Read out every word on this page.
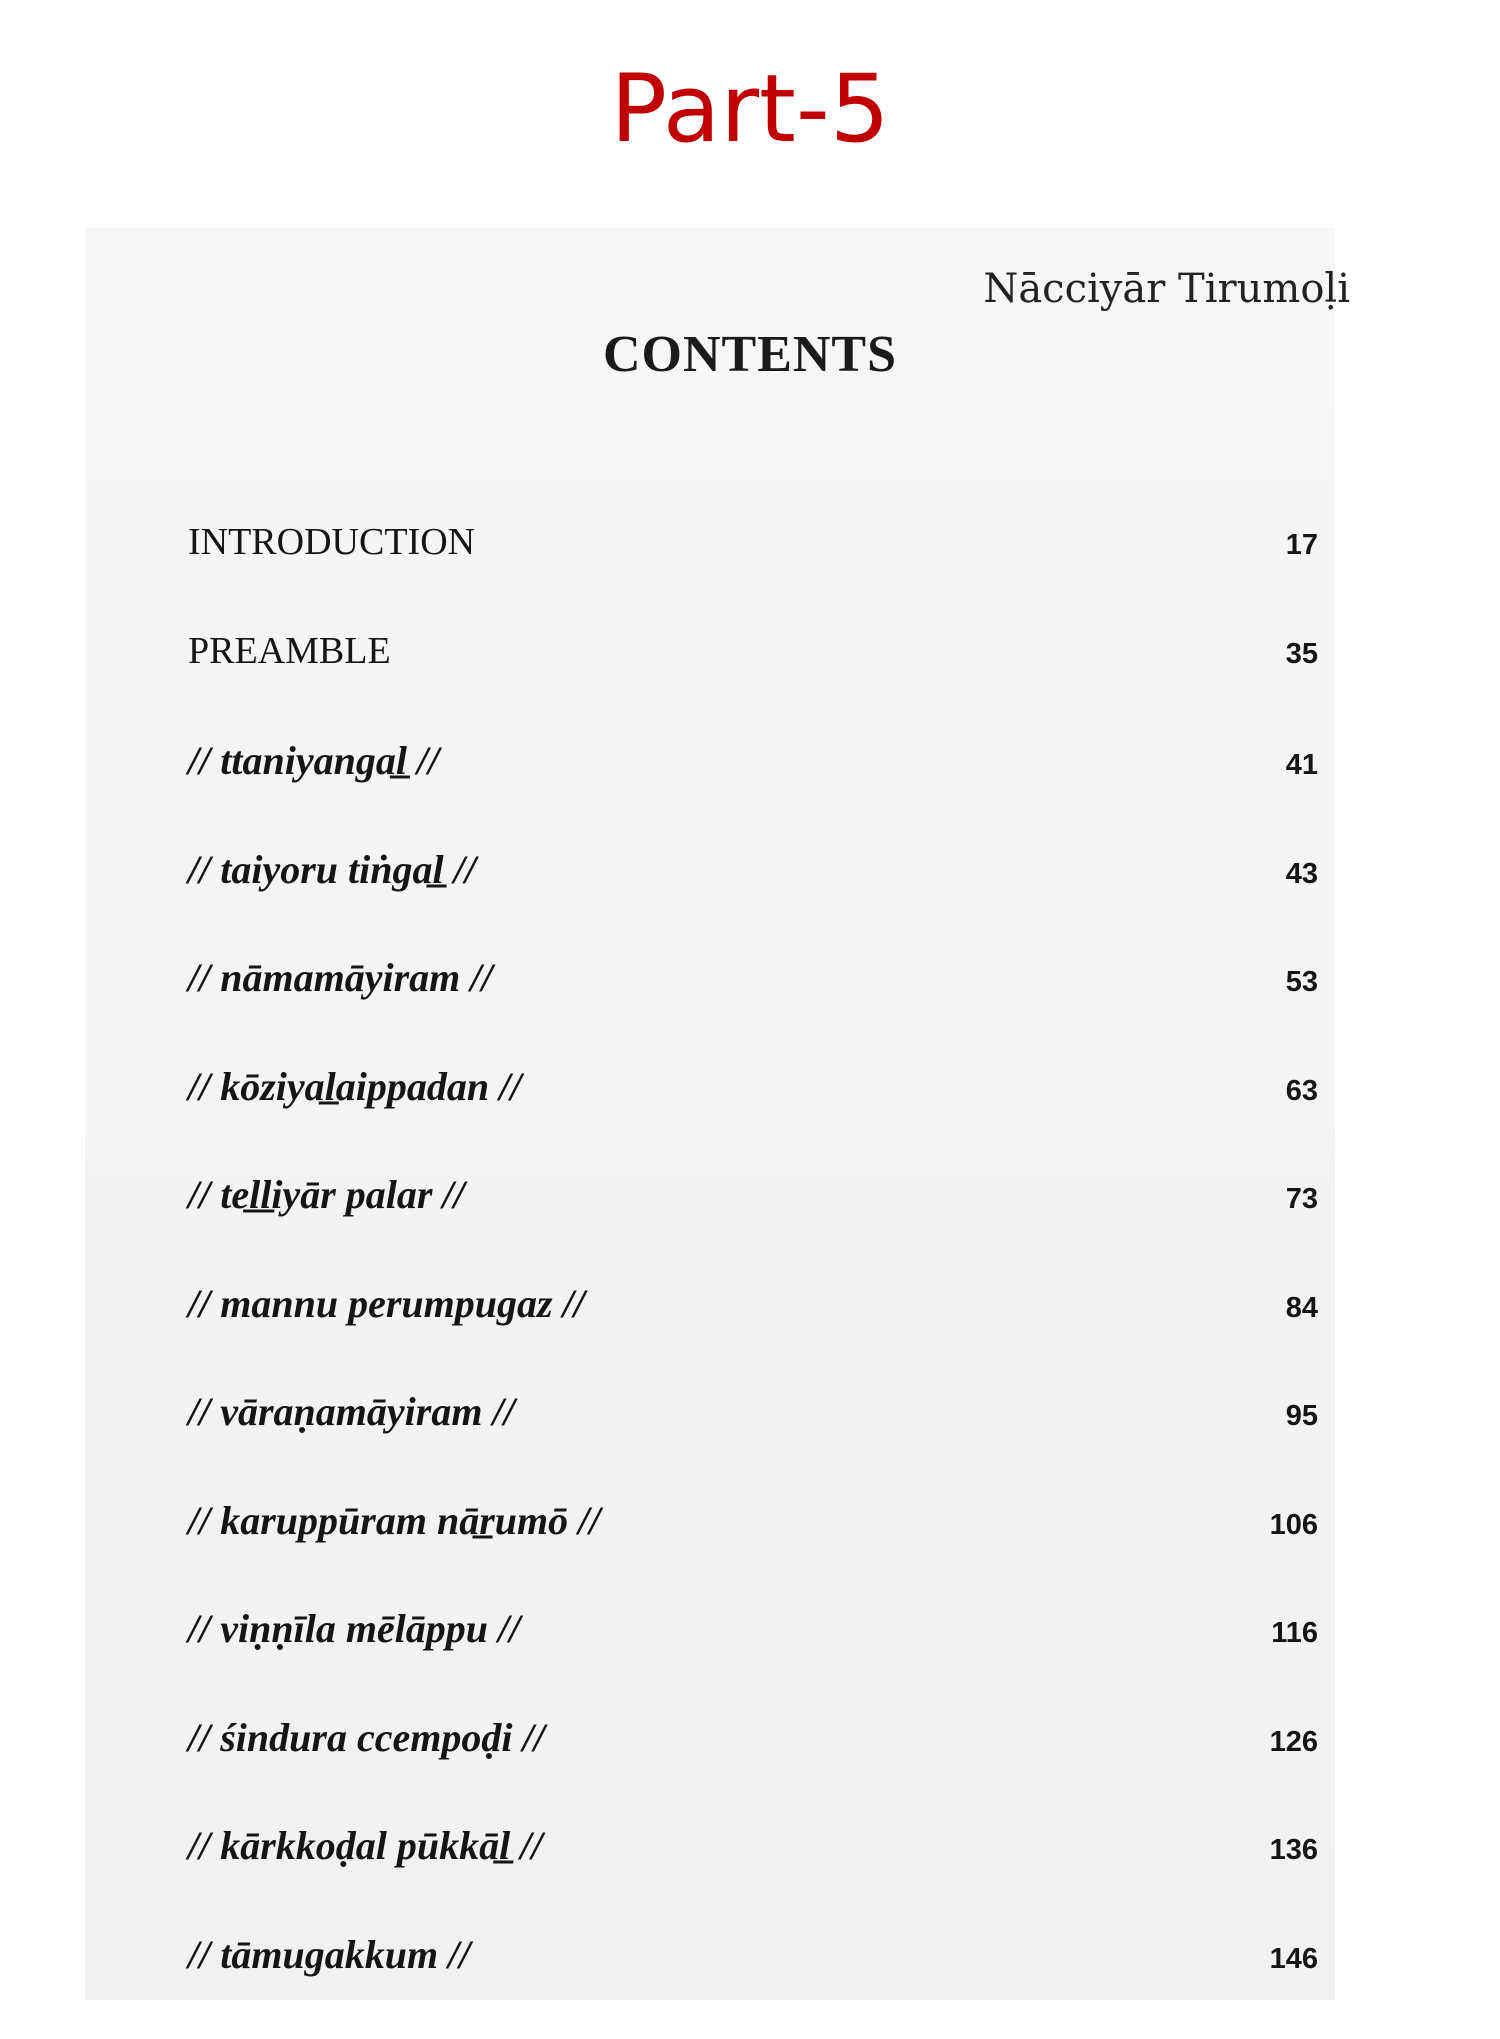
Part-5
Nācciyār Tirumoḷi
CONTENTS
INTRODUCTION	17
PREAMBLE	35
// ttaniyangal̲ //	41
// taiyoru tiṅgal̲ //	43
// nāmamāyiram //	53
// kōziyal̲aippadan //	63
// tel̲l̲iyār palar //	73
// mannu perumpugaz //	84
// vāraṇamāyiram //	95
// karuppūram nār̲umō //	106
// viṇṇīla mēlāppu //	116
// śindura ccempoḍi //	126
// kārkkoḍal pūkkāl̲ //	136
// tāmugakkum //	146
